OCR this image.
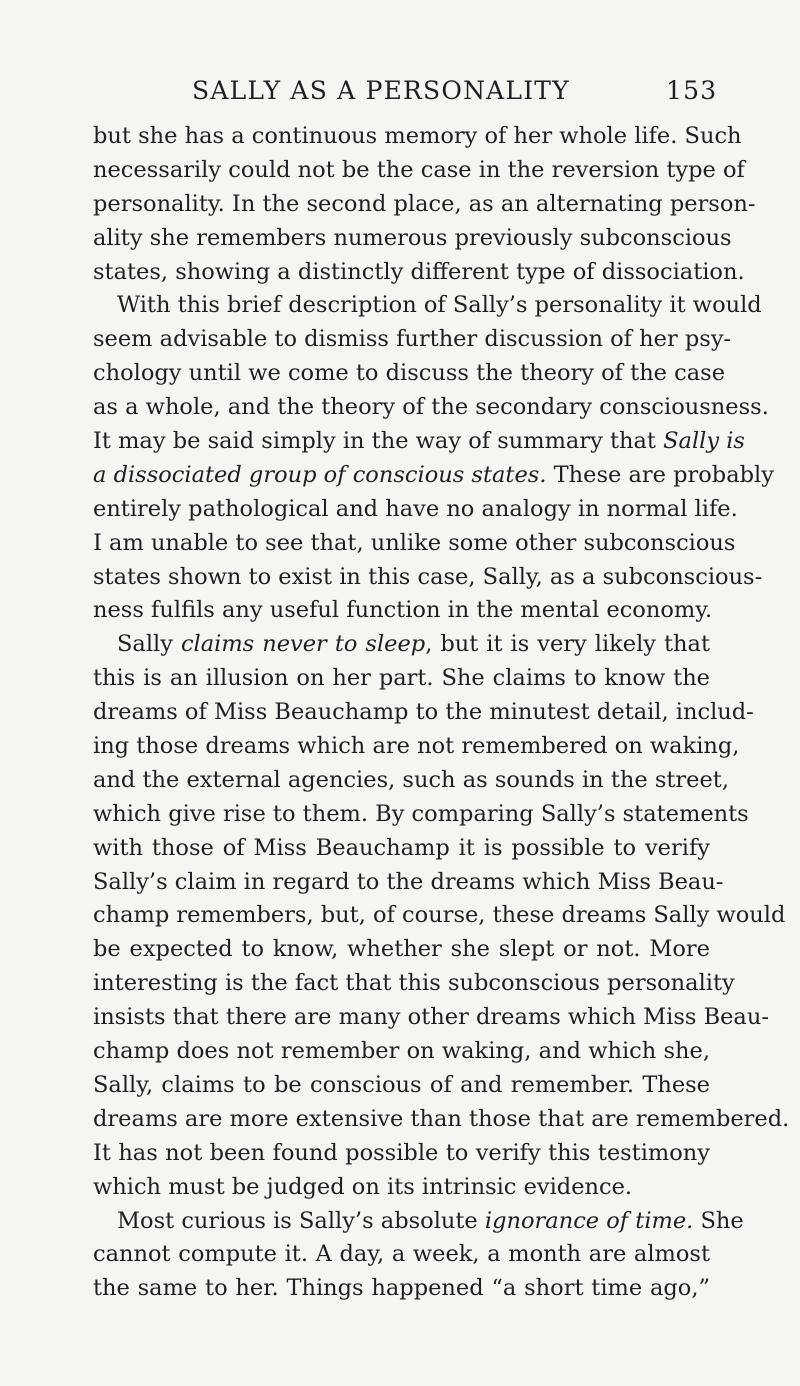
SALLY AS A PERSONALITY	153
but she has a continuous memory of her whole life. Such
necessarily could not be the case in the reversion type of
personality. In the second place, as an alternating person-
ality she remembers numerous previously subconscious
states, showing a distinctly different type of dissociation.
With this brief description of Sally’s personality it would
seem advisable to dismiss further discussion of her psy-
chology until we come to discuss the theory of the case
as a whole, and the theory of the secondary consciousness.
It may be said simply in the way of summary that Sally is
a dissociated group of conscious states. These are probably
entirely pathological and have no analogy in normal life.
I am unable to see that, unlike some other subconscious
states shown to exist in this case, Sally, as a subconscious-
ness fulfils any useful function in the mental economy.
Sally claims never to sleep, but it is very likely that
this is an illusion on her part. She claims to know the
dreams of Miss Beauchamp to the minutest detail, includ-
ing those dreams which are not remembered on waking,
and the external agencies, such as sounds in the street,
which give rise to them. By comparing Sally’s statements
with those of Miss Beauchamp it is possible to verify
Sally’s claim in regard to the dreams which Miss Beau-
champ remembers, but, of course, these dreams Sally would
be expected to know, whether she slept or not. More
interesting is the fact that this subconscious personality
insists that there are many other dreams which Miss Beau-
champ does not remember on waking, and which she,
Sally, claims to be conscious of and remember. These
dreams are more extensive than those that are remembered.
It has not been found possible to verify this testimony
which must be judged on its intrinsic evidence.
Most curious is Sally’s absolute ignorance of time. She
cannot compute it. A day, a week, a month are almost
the same to her. Things happened “a short time ago,”
